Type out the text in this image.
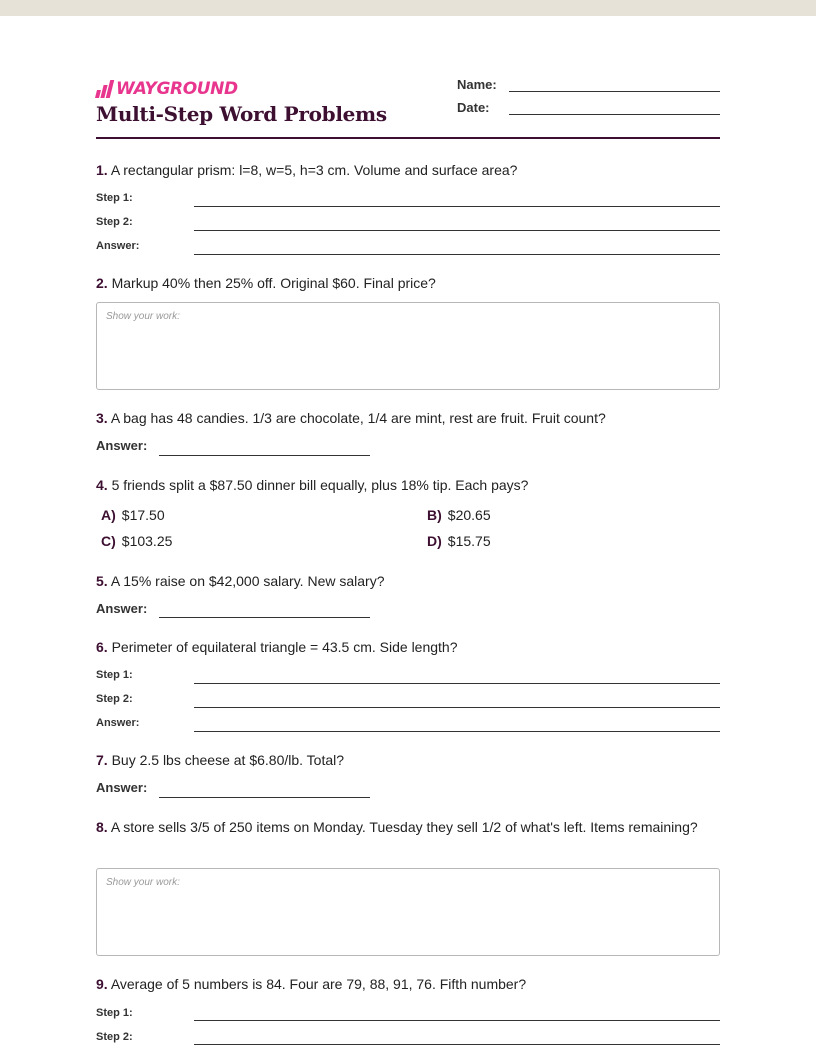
WAYGROUND
Multi-Step Word Problems
Name:
Date:

1. A rectangular prism: l=8, w=5, h=3 cm. Volume and surface area?

Step 1:
Step 2:
Answer:

2. Markup 40% then 25% off. Original $60. Final price?

Show your work:

3. A bag has 48 candies. 1/3 are chocolate, 1/4 are mint, rest are fruit. Fruit count?

Answer:

4. 5 friends split a $87.50 dinner bill equally, plus 18% tip. Each pays?

A) $17.50	B) $20.65
C) $103.25	D) $15.75

5. A 15% raise on $42,000 salary. New salary?

Answer:

6. Perimeter of equilateral triangle = 43.5 cm. Side length?

Step 1:
Step 2:
Answer:

7. Buy 2.5 lbs cheese at $6.80/lb. Total?

Answer:

8. A store sells 3/5 of 250 items on Monday. Tuesday they sell 1/2 of what's left. Items remaining?

Show your work:

9. Average of 5 numbers is 84. Four are 79, 88, 91, 76. Fifth number?

Step 1:
Step 2:
